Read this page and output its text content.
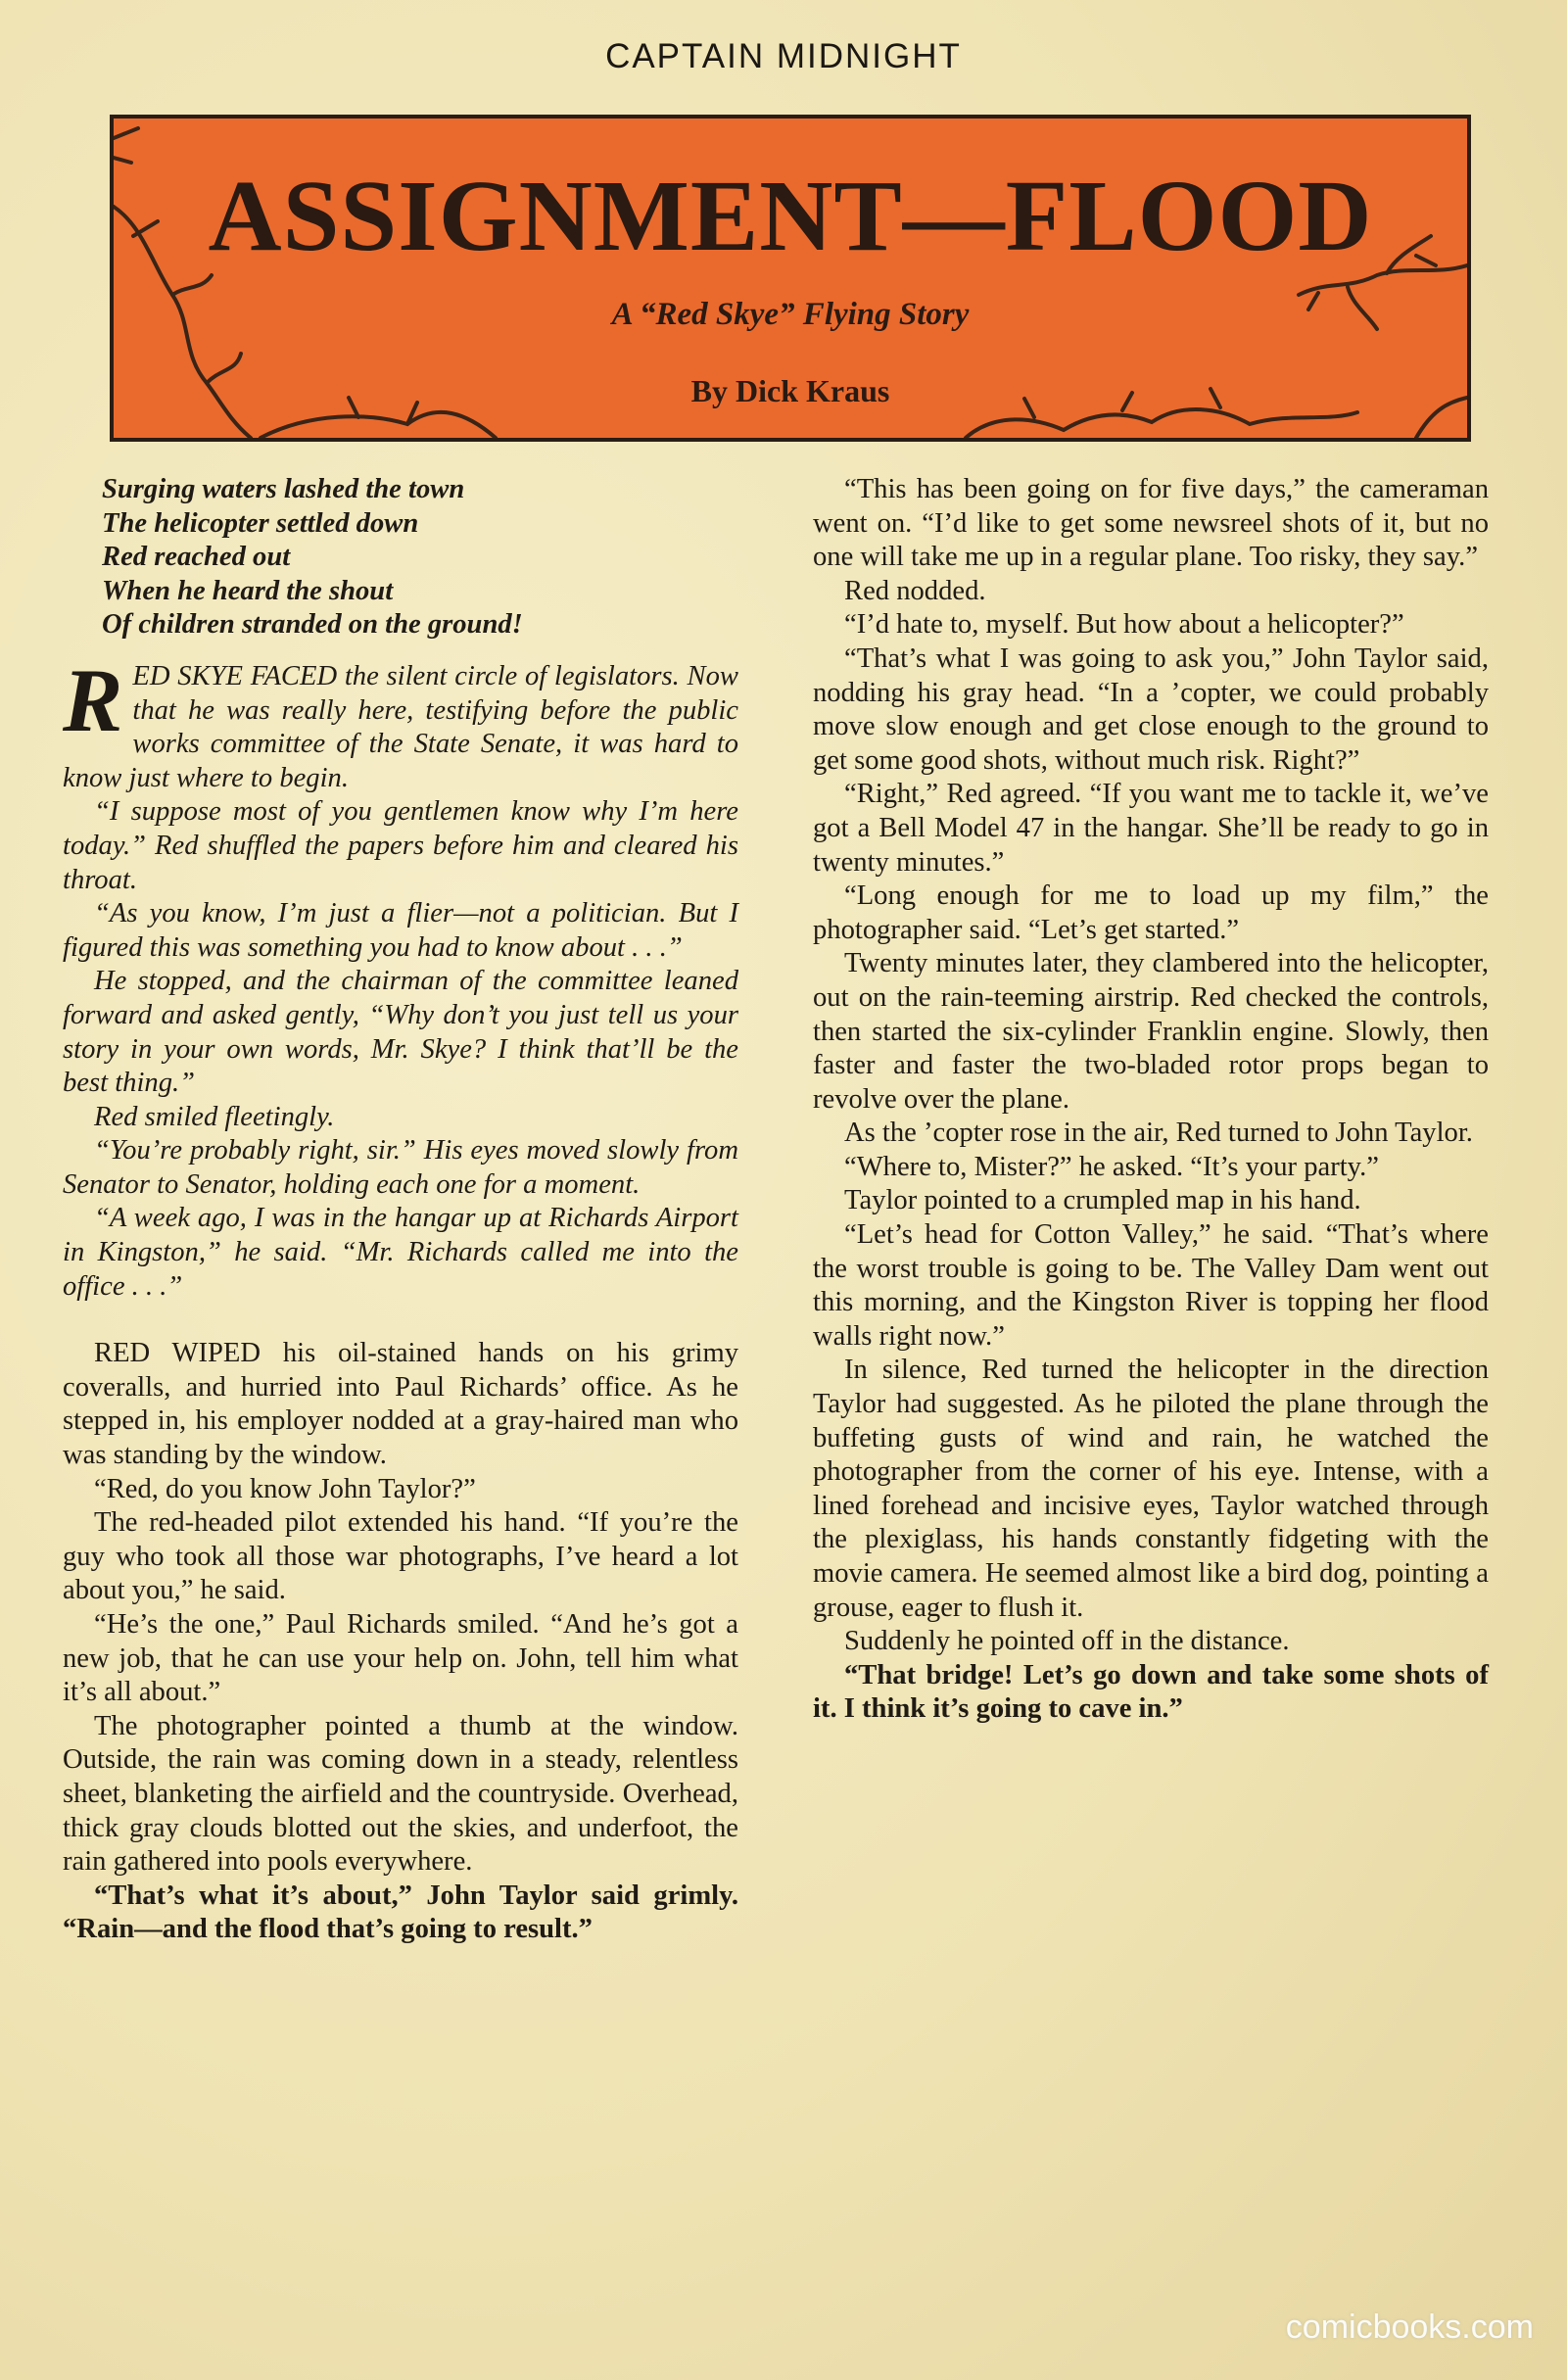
CAPTAIN MIDNIGHT
ASSIGNMENT—FLOOD
A “Red Skye” Flying Story
By Dick Kraus
Surging waters lashed the town
The helicopter settled down
Red reached out
When he heard the shout
Of children stranded on the ground!

RED SKYE FACED the silent circle of legislators. Now that he was really here, testifying before the public works committee of the State Senate, it was hard to know just where to begin.

“I suppose most of you gentlemen know why I’m here today.” Red shuffled the papers before him and cleared his throat.

“As you know, I’m just a flier—not a politician. But I figured this was something you had to know about . . .”

He stopped, and the chairman of the committee leaned forward and asked gently, “Why don’t you just tell us your story in your own words, Mr. Skye? I think that’ll be the best thing.”

Red smiled fleetingly.

“You’re probably right, sir.” His eyes moved slowly from Senator to Senator, holding each one for a moment.

“A week ago, I was in the hangar up at Richards Airport in Kingston,” he said. “Mr. Richards called me into the office . . .”

RED WIPED his oil-stained hands on his grimy coveralls, and hurried into Paul Richards’ office. As he stepped in, his employer nodded at a gray-haired man who was standing by the window.

“Red, do you know John Taylor?”

The red-headed pilot extended his hand. “If you’re the guy who took all those war photographs, I’ve heard a lot about you,” he said.

“He’s the one,” Paul Richards smiled. “And he’s got a new job, that he can use your help on. John, tell him what it’s all about.”

The photographer pointed a thumb at the window. Outside, the rain was coming down in a steady, relentless sheet, blanketing the airfield and the countryside. Overhead, thick gray clouds blotted out the skies, and underfoot, the rain gathered into pools everywhere.

“That’s what it’s about,” John Taylor said grimly. “Rain—and the flood that’s going to result.”

“This has been going on for five days,” the cameraman went on. “I’d like to get some newsreel shots of it, but no one will take me up in a regular plane. Too risky, they say.”

Red nodded.

“I’d hate to, myself. But how about a helicopter?”

“That’s what I was going to ask you,” John Taylor said, nodding his gray head. “In a ’copter, we could probably move slow enough and get close enough to the ground to get some good shots, without much risk. Right?”

“Right,” Red agreed. “If you want me to tackle it, we’ve got a Bell Model 47 in the hangar. She’ll be ready to go in twenty minutes.”

“Long enough for me to load up my film,” the photographer said. “Let’s get started.”

Twenty minutes later, they clambered into the helicopter, out on the rain-teeming airstrip. Red checked the controls, then started the six-cylinder Franklin engine. Slowly, then faster and faster the two-bladed rotor props began to revolve over the plane.

As the ’copter rose in the air, Red turned to John Taylor.

“Where to, Mister?” he asked. “It’s your party.”

Taylor pointed to a crumpled map in his hand.

“Let’s head for Cotton Valley,” he said. “That’s where the worst trouble is going to be. The Valley Dam went out this morning, and the Kingston River is topping her flood walls right now.”

In silence, Red turned the helicopter in the direction Taylor had suggested. As he piloted the plane through the buffeting gusts of wind and rain, he watched the photographer from the corner of his eye. Intense, with a lined forehead and incisive eyes, Taylor watched through the plexiglass, his hands constantly fidgeting with the movie camera. He seemed almost like a bird dog, pointing a grouse, eager to flush it.

Suddenly he pointed off in the distance.

“That bridge! Let’s go down and take some shots of it. I think it’s going to cave in.”

comicbooks.com
